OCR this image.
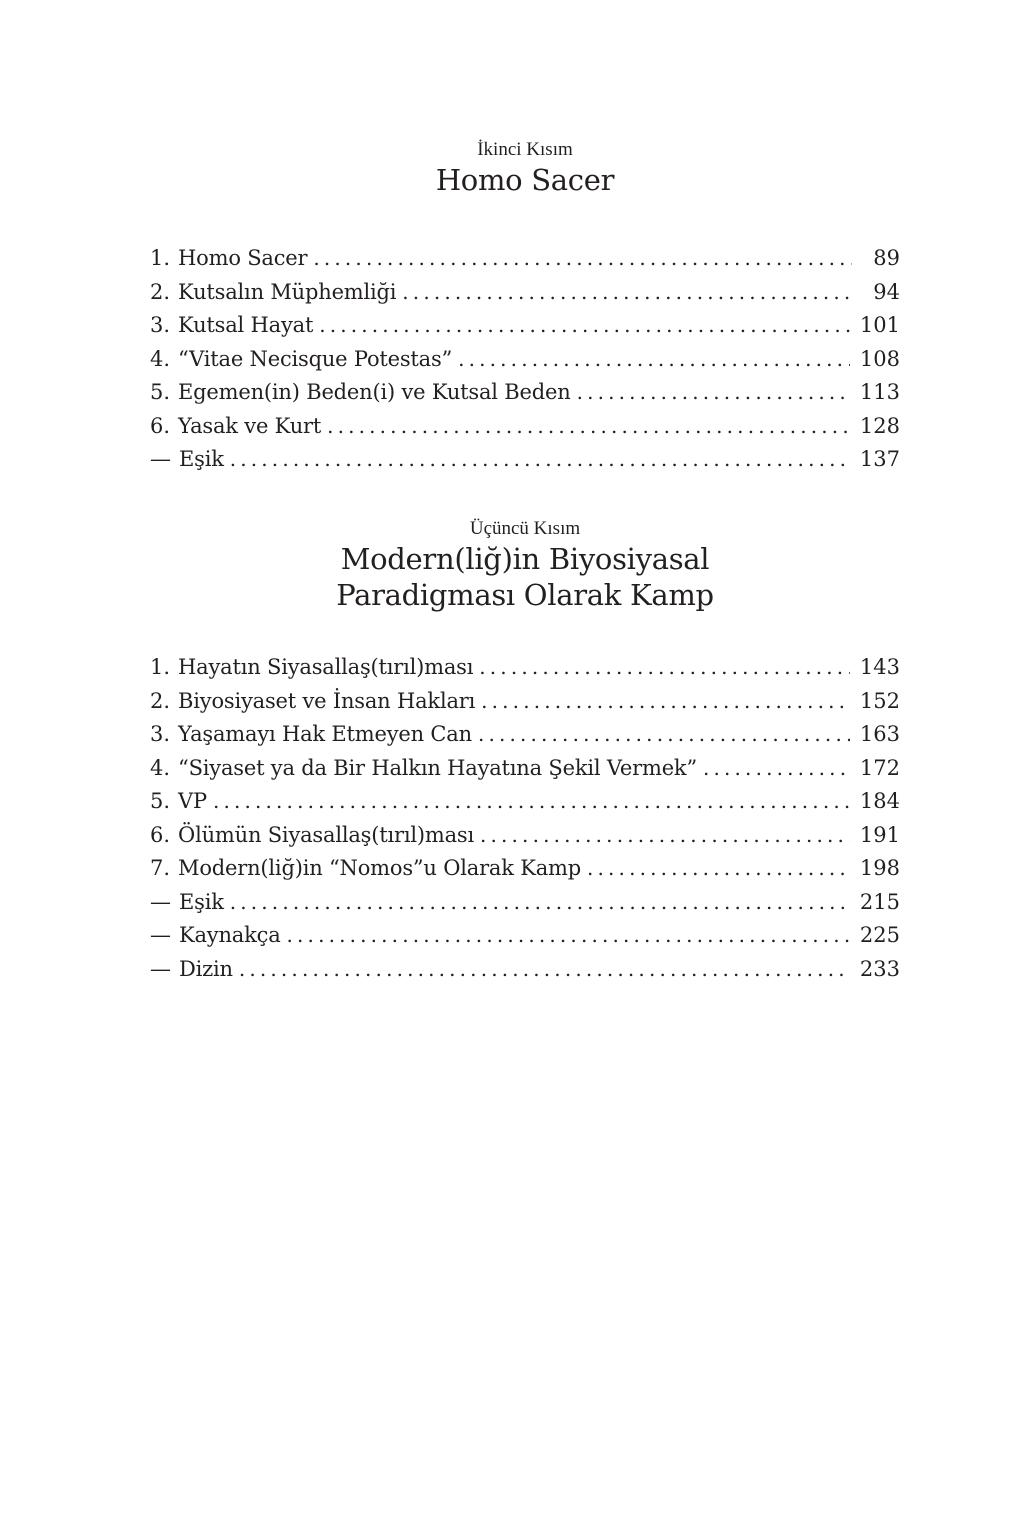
İkinci Kısım

Homo Sacer
1. Homo Sacer . . .	89
2. Kutsalın Müphemliği . . .	94
3. Kutsal Hayat . . .	101
4. “Vitae Necisque Potestas” . . .	108
5. Egemen(in) Beden(i) ve Kutsal Beden . . .	113
6. Yasak ve Kurt . . .	128
— Eşik . . .	137

Üçüncü Kısım

Modern(liğ)in Biyosiyasal
Paradigması Olarak Kamp
1. Hayatın Siyasallaş(tırıl)ması . . .	143
2. Biyosiyaset ve İnsan Hakları . . .	152
3. Yaşamayı Hak Etmeyen Can . . .	163
4. “Siyaset ya da Bir Halkın Hayatına Şekil Vermek” . . .	172
5. VP . . .	184
6. Ölümün Siyasallaş(tırıl)ması . . .	191
7. Modern(liğ)in “Nomos”u Olarak Kamp . . .	198
— Eşik . . .	215
— Kaynakça . . .	225
— Dizin . . .	233
